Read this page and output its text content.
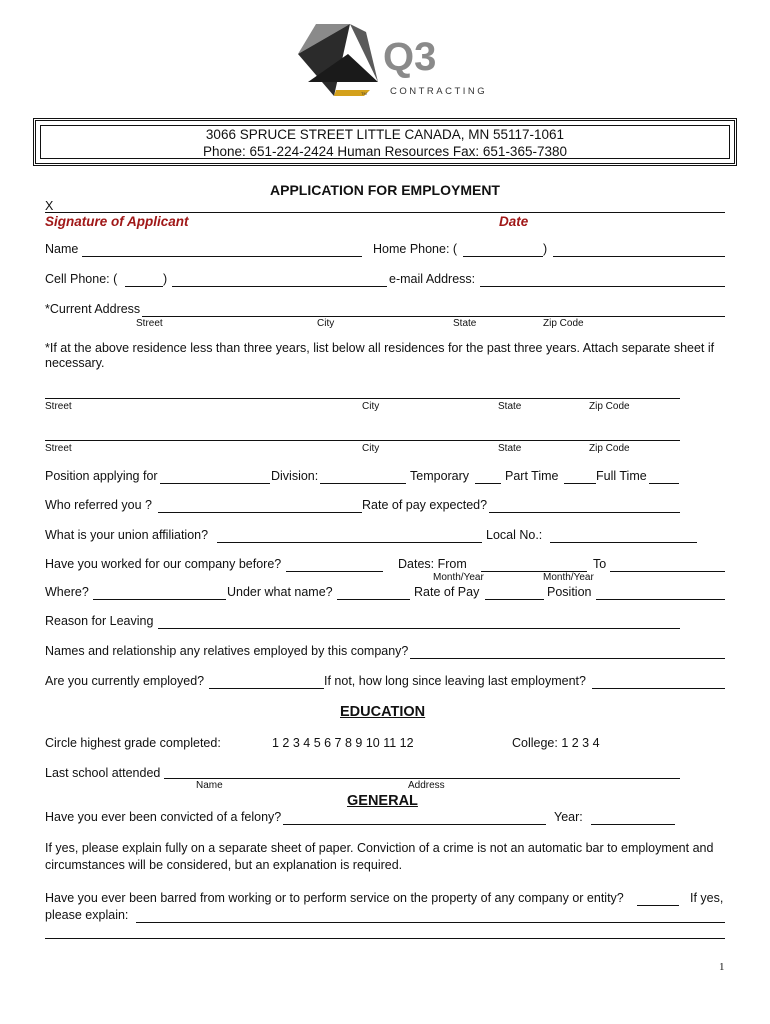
Q3
CONTRACTING
TM
3066 SPRUCE STREET LITTLE CANADA, MN 55117-1061
Phone: 651-224-2424 Human Resources Fax: 651-365-7380
APPLICATION FOR EMPLOYMENT
X
Signature of Applicant	Date
Name	Home Phone: (	)
Cell Phone: (	)	e-mail Address:
*Current Address
Street	City	State	Zip Code
*If at the above residence less than three years, list below all residences for the past three years. Attach separate sheet if necessary.
Street	City	State	Zip Code
Street	City	State	Zip Code
Position applying for	Division:	Temporary	Part Time	Full Time
Who referred you ?	Rate of pay expected?
What is your union affiliation?	Local No.:
Have you worked for our company before?	Dates: From	To
Month/Year	Month/Year
Where?	Under what name?	Rate of Pay	Position
Reason for Leaving
Names and relationship any relatives employed by this company?
Are you currently employed?	If not, how long since leaving last employment?
EDUCATION
Circle highest grade completed:	1 2 3 4 5 6 7 8 9 10 11 12	College: 1 2 3 4
Last school attended
Name	Address
GENERAL
Have you ever been convicted of a felony?	Year:
If yes, please explain fully on a separate sheet of paper. Conviction of a crime is not an automatic bar to employment and circumstances will be considered, but an explanation is required.
Have you ever been barred from working or to perform service on the property of any company or entity?	If yes,
please explain:
1
